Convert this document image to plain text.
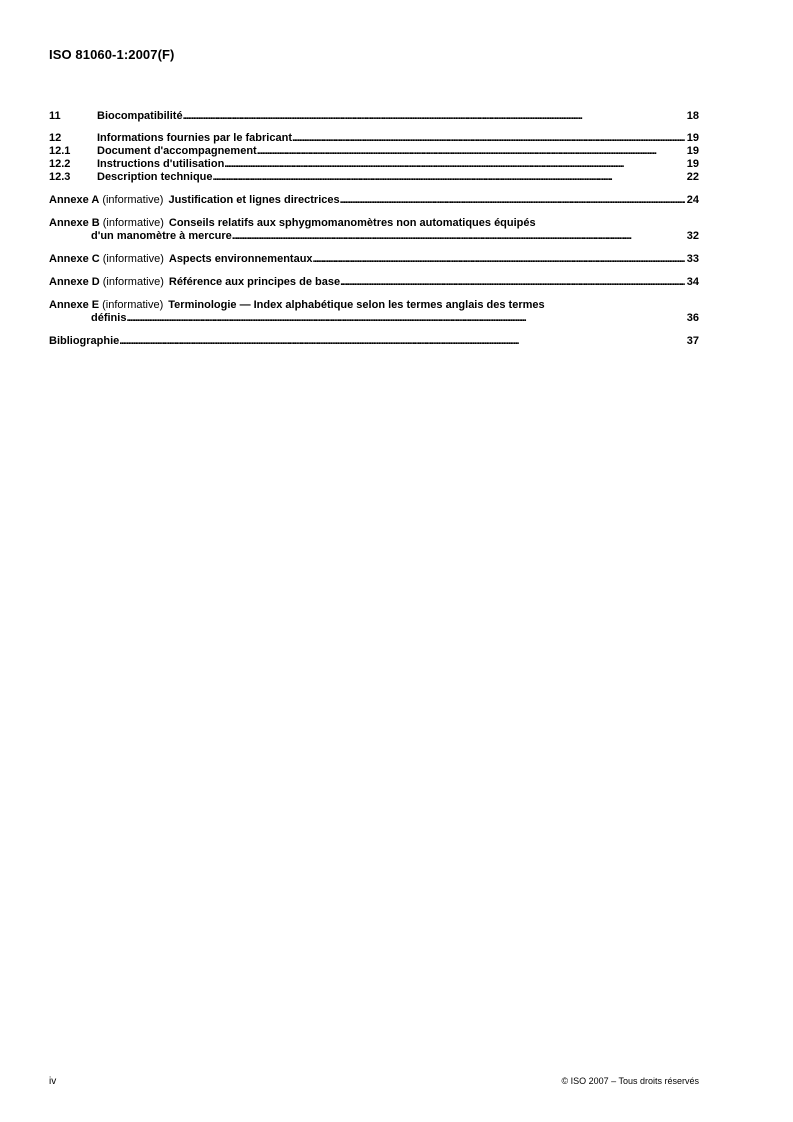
ISO 81060-1:2007(F)
11	Biocompatibilité . . .	18
12	Informations fournies par le fabricant . . .	19
12.1	Document d'accompagnement . . .	19
12.2	Instructions d'utilisation . . .	19
12.3	Description technique . . .	22
Annexe A (informative) Justification et lignes directrices . . .	24
Annexe B (informative) Conseils relatifs aux sphygmomanomètres non automatiques équipés
d'un manomètre à mercure . . .	32
Annexe C (informative) Aspects environnementaux . . .	33
Annexe D (informative) Référence aux principes de base . . .	34
Annexe E (informative) Terminologie — Index alphabétique selon les termes anglais des termes
définis . . .	36
Bibliographie . . .	37
iv	© ISO 2007 – Tous droits réservés
